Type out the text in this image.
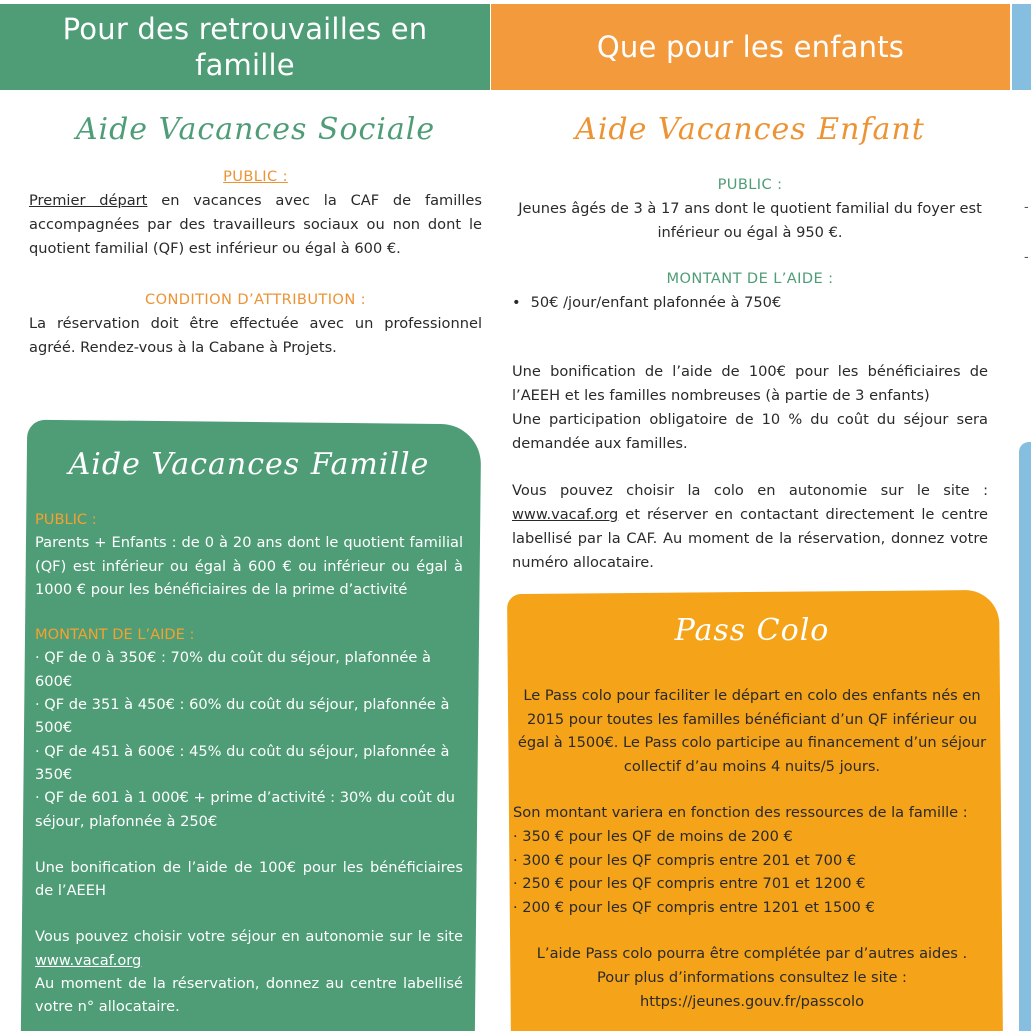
Pour des retrouvailles en famille
Que pour les enfants
Aide Vacances Sociale
PUBLIC :

Premier départ en vacances avec la CAF de familles accompagnées par des travailleurs sociaux ou non dont le quotient familial (QF) est inférieur ou égal à 600 €.

CONDITION D’ATTRIBUTION :

La réservation doit être effectuée avec un professionnel agréé. Rendez-vous à la Cabane à Projets.

Aide Vacances Enfant
PUBLIC :

Jeunes âgés de 3 à 17 ans dont le quotient familial du foyer est inférieur ou égal à 950 €.

MONTANT DE L’AIDE :
• 50€ /jour/enfant plafonnée à 750€

Une bonification de l’aide de 100€ pour les bénéficiaires de l’AEEH et les familles nombreuses (à partie de 3 enfants)

Une participation obligatoire de 10 % du coût du séjour sera demandée aux familles.

Vous pouvez choisir la colo en autonomie sur le site : www.vacaf.org et réserver en contactant directement le centre labellisé par la CAF. Au moment de la réservation, donnez votre numéro allocataire.

-
-
Aide Vacances Famille
PUBLIC :

Parents + Enfants : de 0 à 20 ans dont le quotient familial (QF) est inférieur ou égal à 600 € ou inférieur ou égal à 1000 € pour les bénéficiaires de la prime d’activité

MONTANT DE L’AIDE :
· QF de 0 à 350€ : 70% du coût du séjour, plafonnée à 600€
· QF de 351 à 450€ : 60% du coût du séjour, plafonnée à 500€
· QF de 451 à 600€ : 45% du coût du séjour, plafonnée à 350€
· QF de 601 à 1 000€ + prime d’activité : 30% du coût du séjour, plafonnée à 250€

Une bonification de l’aide de 100€ pour les bénéficiaires de l’AEEH

Vous pouvez choisir votre séjour en autonomie sur le site www.vacaf.org

Au moment de la réservation, donnez au centre labellisé votre n° allocataire.

Pass Colo

Le Pass colo pour faciliter le départ en colo des enfants nés en 2015 pour toutes les familles bénéficiant d’un QF inférieur ou égal à 1500€. Le Pass colo participe au financement d’un séjour collectif d’au moins 4 nuits/5 jours.

Son montant variera en fonction des ressources de la famille :

· 350 € pour les QF de moins de 200 €
· 300 € pour les QF compris entre 201 et 700 €
· 250 € pour les QF compris entre 701 et 1200 €
· 200 € pour les QF compris entre 1201 et 1500 €

L’aide Pass colo pourra être complétée par d’autres aides .

Pour plus d’informations consultez le site :

https://jeunes.gouv.fr/passcolo
